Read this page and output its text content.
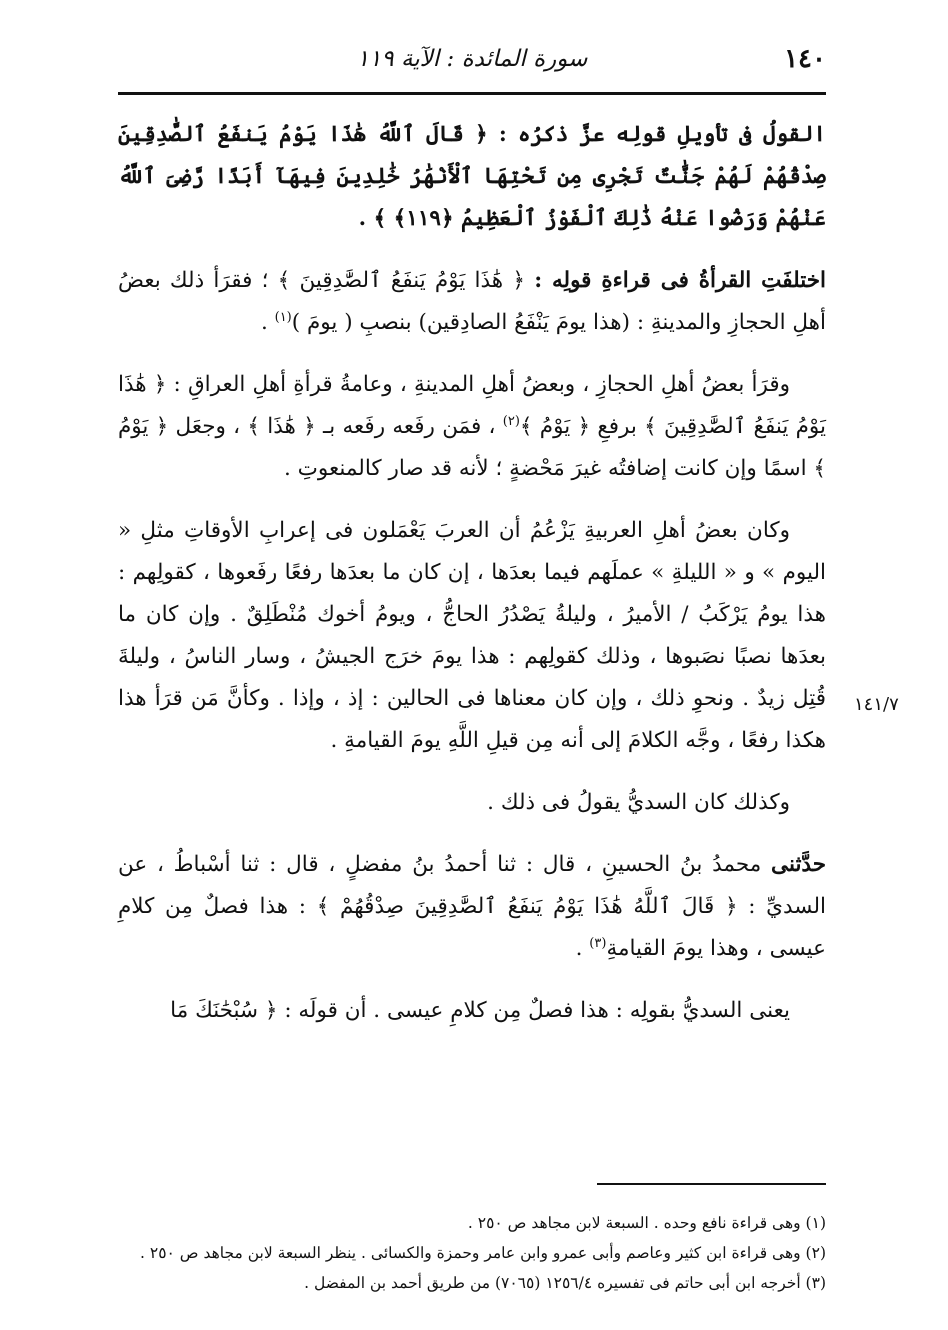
١٤٠
سورة المائدة : الآية ١١٩
١٤١/٧

القولُ فى تأويلِ قولِه عزَّ ذكرُه : ﴿ قَالَ ٱللَّهُ هَٰذَا يَوْمُ يَنفَعُ ٱلصَّٰدِقِينَ صِدْقُهُمْ لَهُمْ جَنَّٰتٌ تَجْرِى مِن تَحْتِهَا ٱلْأَنْهَٰرُ خَٰلِدِينَ فِيهَآ أَبَدًا رَّضِىَ ٱللَّهُ عَنْهُمْ وَرَضُوا عَنْهُ ذَٰلِكَ ٱلْفَوْزُ ٱلْعَظِيمُ ﴿١١٩﴾ ﴾ .

اختلفَتِ القرأةُ فى قراءةِ قولِه : ﴿ هَٰذَا يَوْمُ يَنفَعُ ٱلصَّٰدِقِينَ ﴾ ؛ فقرَأ ذلك بعضُ أهلِ الحجازِ والمدينةِ : (هذا يومَ يَنْفَعُ الصادِقين) بنصبِ ( يومَ )$^{(١)}$ .

وقرَأ بعضُ أهلِ الحجازِ ، وبعضُ أهلِ المدينةِ ، وعامةُ قرأةِ أهلِ العراقِ : ﴿ هَٰذَا يَوْمُ يَنفَعُ ٱلصَّٰدِقِينَ ﴾ برفعِ ﴿ يَوْمُ ﴾$^{(٢)}$ ، فمَن رفَعه رفَعه بـ ﴿ هَٰذَا ﴾ ، وجعَل ﴿ يَوْمُ ﴾ اسمًا وإن كانت إضافتُه غيرَ مَحْضةٍ ؛ لأنه قد صار كالمنعوتِ .

وكان بعضُ أهلِ العربيةِ يَزْعُمُ أن العربَ يَعْمَلون فى إعرابِ الأوقاتِ مثلِ « اليوم » و « الليلةِ » عملَهم فيما بعدَها ، إن كان ما بعدَها رفعًا رفَعوها ، كقولِهم : هذا يومُ يَرْكَبُ / الأميرُ ، وليلةُ يَصْدُرُ الحاجُّ ، ويومُ أخوك مُنْطَلِقٌ . وإن كان ما بعدَها نصبًا نصَبوها ، وذلك كقولِهم : هذا يومَ خرَج الجيشُ ، وسار الناسُ ، وليلةَ قُتِل زيدٌ . ونحوِ ذلك ، وإن كان معناها فى الحالين : إذ ، وإذا . وكأنَّ مَن قرَأ هذا هكذا رفعًا ، وجَّه الكلامَ إلى أنه مِن قيلِ اللَّهِ يومَ القيامةِ .

وكذلك كان السديُّ يقولُ فى ذلك .

حدَّثنى محمدُ بنُ الحسينِ ، قال : ثنا أحمدُ بنُ مفضلٍ ، قال : ثنا أسْباطُ ، عن السديِّ : ﴿ قَالَ ٱللَّهُ هَٰذَا يَوْمُ يَنفَعُ ٱلصَّٰدِقِينَ صِدْقُهُمْ ﴾ : هذا فصلٌ مِن كلامِ عيسى ، وهذا يومَ القيامةِ$^{(٣)}$ .

يعنى السديُّ بقولِه : هذا فصلٌ مِن كلامِ عيسى . أن قولَه : ﴿ سُبْحَٰنَكَ مَا

(١) وهى قراءة نافع وحده . السبعة لابن مجاهد ص ٢٥٠ .

(٢) وهى قراءة ابن كثير وعاصم وأبى عمرو وابن عامر وحمزة والكسائى . ينظر السبعة لابن مجاهد ص ٢٥٠ .

(٣) أخرجه ابن أبى حاتم فى تفسيره ١٢٥٦/٤ (٧٠٦٥) من طريق أحمد بن المفضل .
